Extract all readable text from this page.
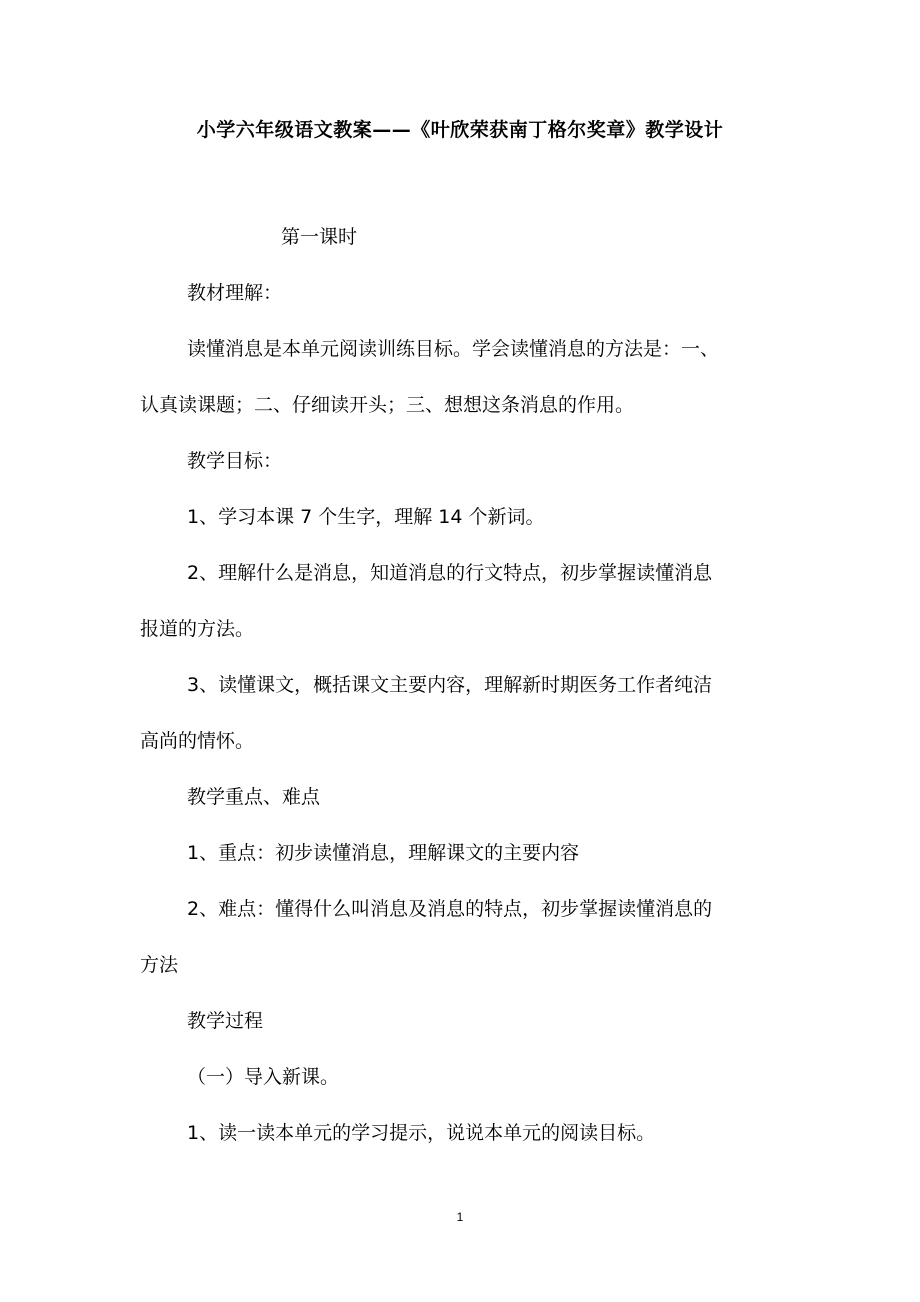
小学六年级语文教案——《叶欣荣获南丁格尔奖章》教学设计
第一课时
教材理解：
读懂消息是本单元阅读训练目标。学会读懂消息的方法是：一、
认真读课题；二、仔细读开头；三、想想这条消息的作用。
教学目标：
1、学习本课 7 个生字，理解 14 个新词。
2、理解什么是消息，知道消息的行文特点，初步掌握读懂消息
报道的方法。
3、读懂课文，概括课文主要内容，理解新时期医务工作者纯洁
高尚的情怀。
教学重点、难点
1、重点：初步读懂消息，理解课文的主要内容
2、难点：懂得什么叫消息及消息的特点，初步掌握读懂消息的
方法
教学过程
（一）导入新课。
1、读一读本单元的学习提示，说说本单元的阅读目标。
1
